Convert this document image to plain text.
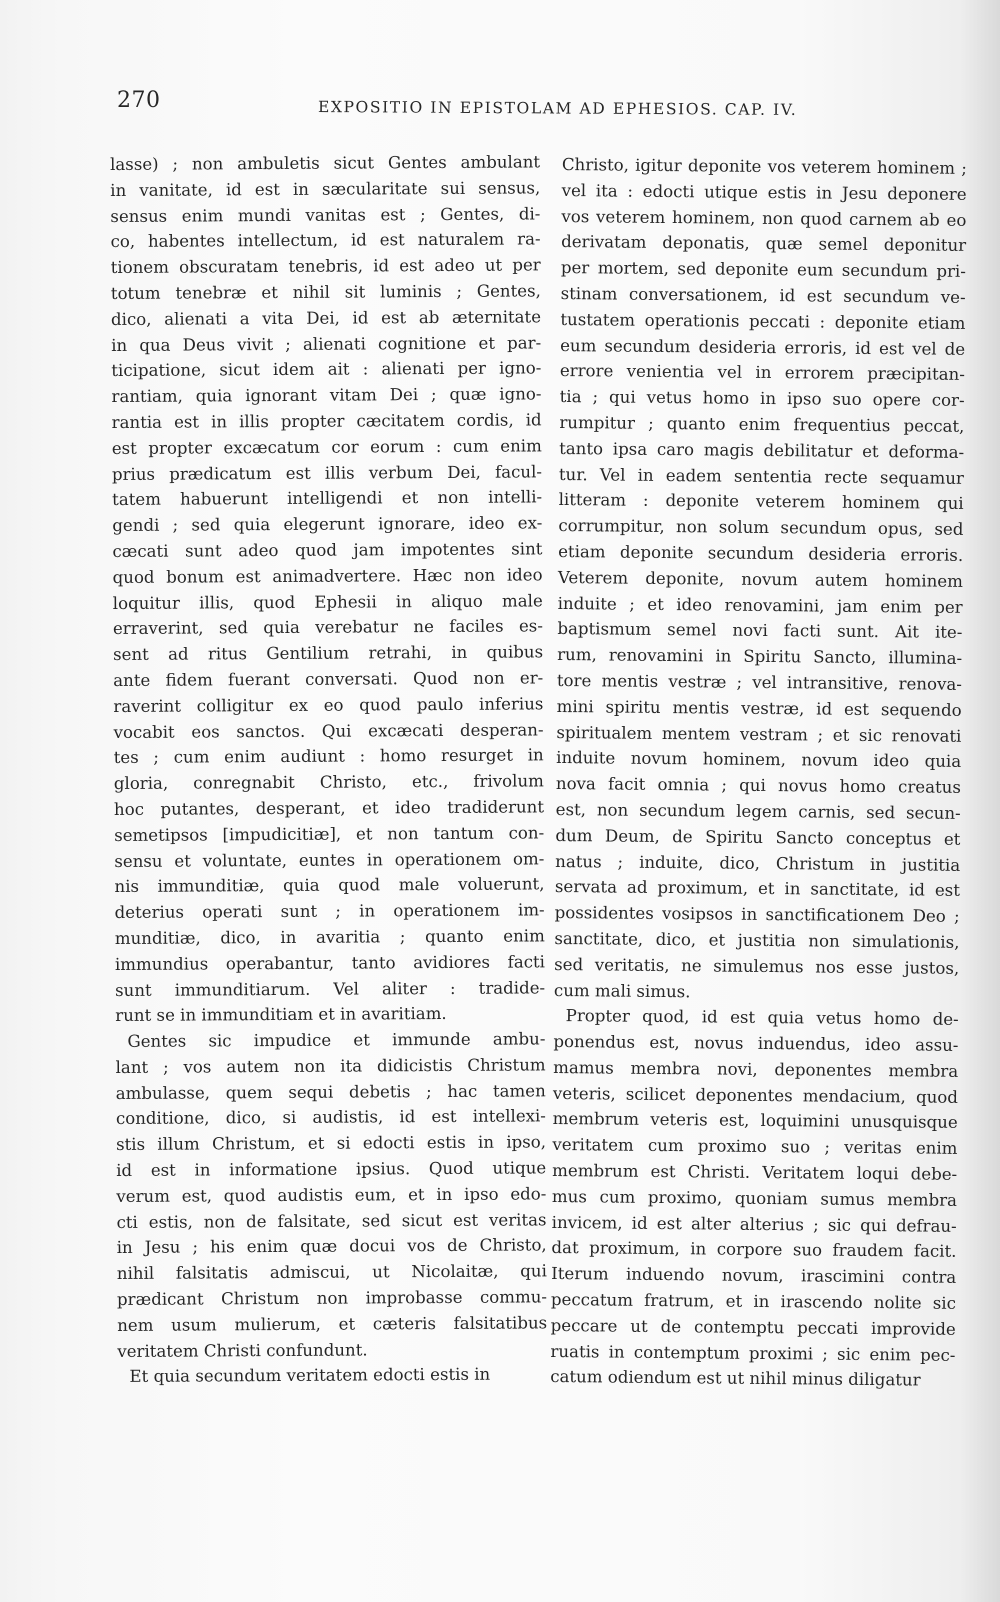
270	EXPOSITIO IN EPISTOLAM AD EPHESIOS. CAP. IV.
lasse) ; non ambuletis sicut Gentes ambulant
in vanitate, id est in sæcularitate sui sensus,
sensus enim mundi vanitas est ; Gentes, di-
co, habentes intellectum, id est naturalem ra-
tionem obscuratam tenebris, id est adeo ut per
totum tenebræ et nihil sit luminis ; Gentes,
dico, alienati a vita Dei, id est ab æternitate
in qua Deus vivit ; alienati cognitione et par-
ticipatione, sicut idem ait : alienati per igno-
rantiam, quia ignorant vitam Dei ; quæ igno-
rantia est in illis propter cæcitatem cordis, id
est propter excæcatum cor eorum : cum enim
prius prædicatum est illis verbum Dei, facul-
tatem habuerunt intelligendi et non intelli-
gendi ; sed quia elegerunt ignorare, ideo ex-
cæcati sunt adeo quod jam impotentes sint
quod bonum est animadvertere. Hæc non ideo
loquitur illis, quod Ephesii in aliquo male
erraverint, sed quia verebatur ne faciles es-
sent ad ritus Gentilium retrahi, in quibus
ante fidem fuerant conversati. Quod non er-
raverint colligitur ex eo quod paulo inferius
vocabit eos sanctos. Qui excæcati desperan-
tes ; cum enim audiunt : homo resurget in
gloria, conregnabit Christo, etc., frivolum
hoc putantes, desperant, et ideo tradiderunt
semetipsos [impudicitiæ], et non tantum con-
sensu et voluntate, euntes in operationem om-
nis immunditiæ, quia quod male voluerunt,
deterius operati sunt ; in operationem im-
munditiæ, dico, in avaritia ; quanto enim
immundius operabantur, tanto avidiores facti
sunt immunditiarum. Vel aliter : tradide-
runt se in immunditiam et in avaritiam.
Gentes sic impudice et immunde ambu-
lant ; vos autem non ita didicistis Christum
ambulasse, quem sequi debetis ; hac tamen
conditione, dico, si audistis, id est intellexi-
stis illum Christum, et si edocti estis in ipso,
id est in informatione ipsius. Quod utique
verum est, quod audistis eum, et in ipso edo-
cti estis, non de falsitate, sed sicut est veritas
in Jesu ; his enim quæ docui vos de Christo,
nihil falsitatis admiscui, ut Nicolaitæ, qui
prædicant Christum non improbasse commu-
nem usum mulierum, et cæteris falsitatibus
veritatem Christi confundunt.
Et quia secundum veritatem edocti estis in
Christo, igitur deponite vos veterem hominem ;
vel ita : edocti utique estis in Jesu deponere
vos veterem hominem, non quod carnem ab eo
derivatam deponatis, quæ semel deponitur
per mortem, sed deponite eum secundum pri-
stinam conversationem, id est secundum ve-
tustatem operationis peccati : deponite etiam
eum secundum desideria erroris, id est vel de
errore venientia vel in errorem præcipitan-
tia ; qui vetus homo in ipso suo opere cor-
rumpitur ; quanto enim frequentius peccat,
tanto ipsa caro magis debilitatur et deforma-
tur. Vel in eadem sententia recte sequamur
litteram : deponite veterem hominem qui
corrumpitur, non solum secundum opus, sed
etiam deponite secundum desideria erroris.
Veterem deponite, novum autem hominem
induite ; et ideo renovamini, jam enim per
baptismum semel novi facti sunt. Ait ite-
rum, renovamini in Spiritu Sancto, illumina-
tore mentis vestræ ; vel intransitive, renova-
mini spiritu mentis vestræ, id est sequendo
spiritualem mentem vestram ; et sic renovati
induite novum hominem, novum ideo quia
nova facit omnia ; qui novus homo creatus
est, non secundum legem carnis, sed secun-
dum Deum, de Spiritu Sancto conceptus et
natus ; induite, dico, Christum in justitia
servata ad proximum, et in sanctitate, id est
possidentes vosipsos in sanctificationem Deo ;
sanctitate, dico, et justitia non simulationis,
sed veritatis, ne simulemus nos esse justos,
cum mali simus.
Propter quod, id est quia vetus homo de-
ponendus est, novus induendus, ideo assu-
mamus membra novi, deponentes membra
veteris, scilicet deponentes mendacium, quod
membrum veteris est, loquimini unusquisque
veritatem cum proximo suo ; veritas enim
membrum est Christi. Veritatem loqui debe-
mus cum proximo, quoniam sumus membra
invicem, id est alter alterius ; sic qui defrau-
dat proximum, in corpore suo fraudem facit.
Iterum induendo novum, irascimini contra
peccatum fratrum, et in irascendo nolite sic
peccare ut de contemptu peccati improvide
ruatis in contemptum proximi ; sic enim pec-
catum odiendum est ut nihil minus diligatur
